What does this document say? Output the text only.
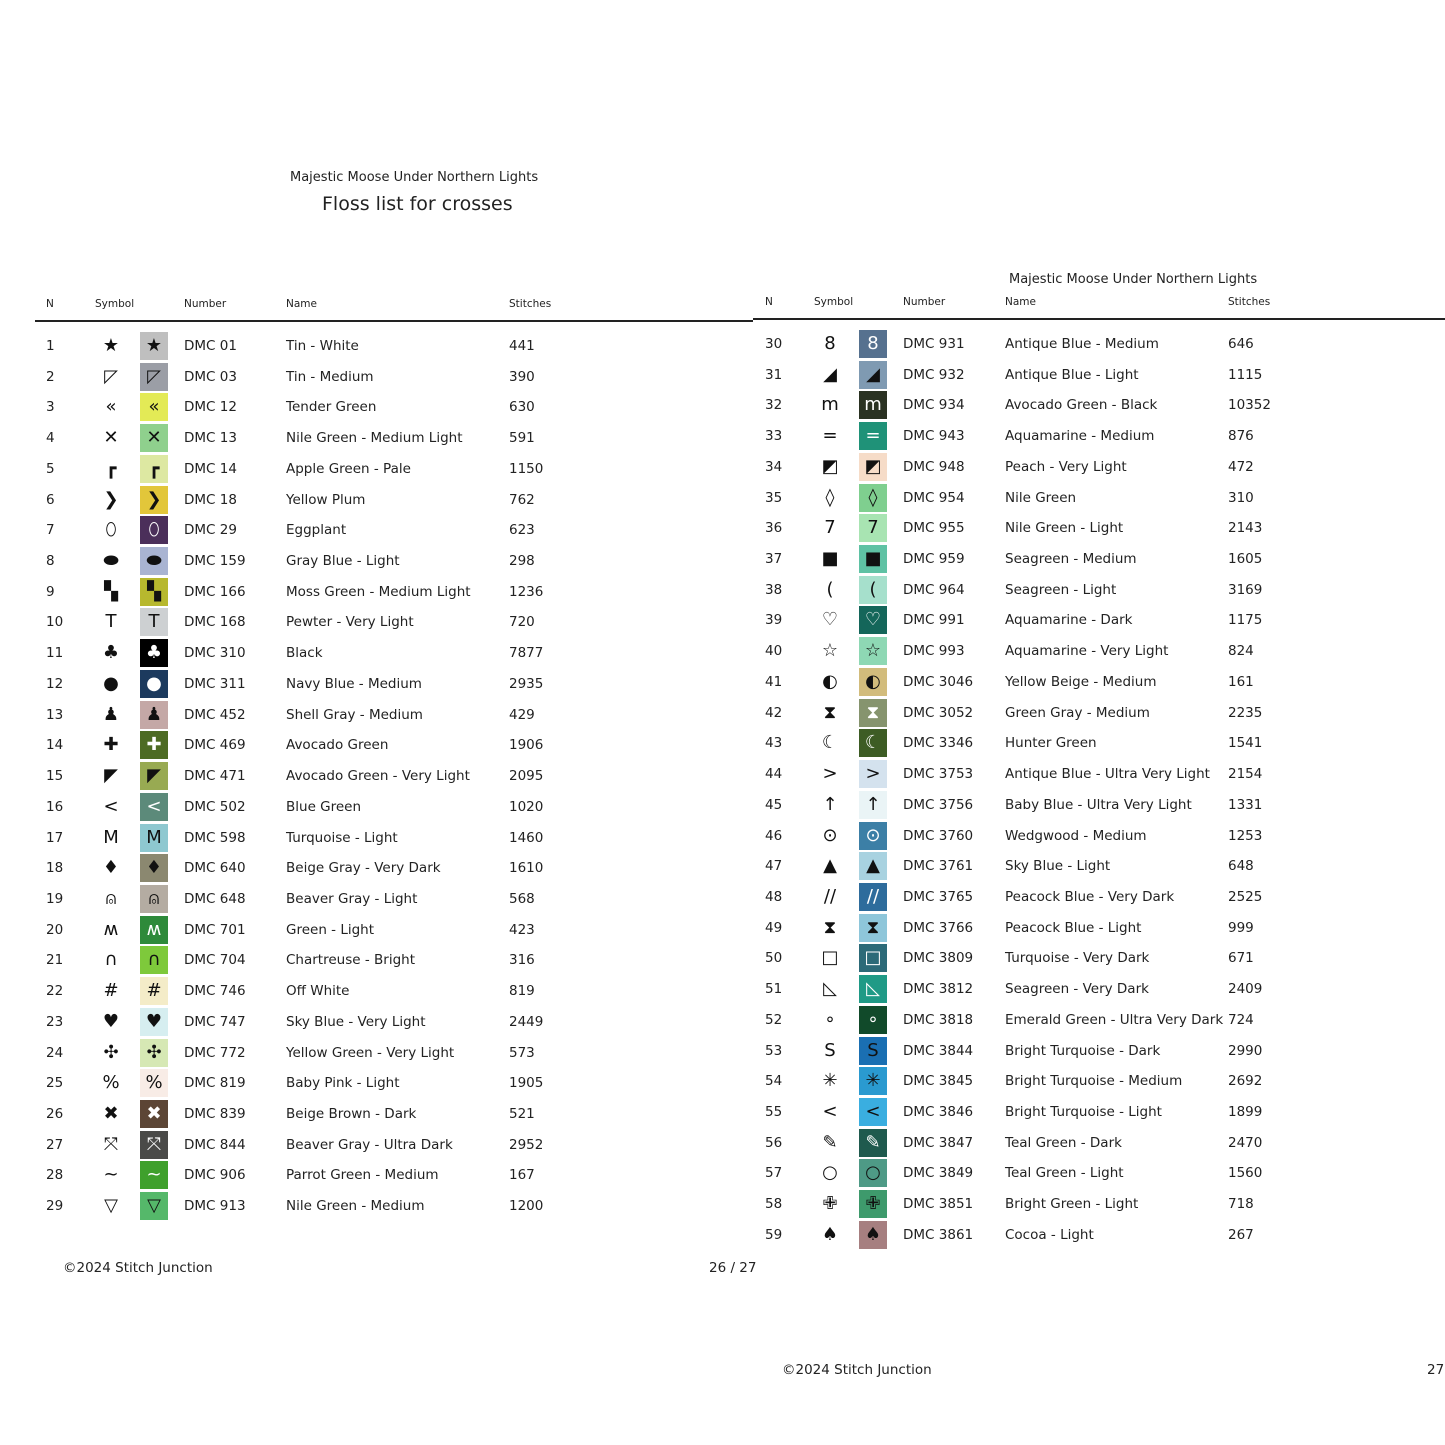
Majestic Moose Under Northern Lights
Floss list for crosses
Majestic Moose Under Northern Lights
N	Symbol	Number	Name	Stitches	N	Symbol	Number	Name	Stitches
1	★	★	DMC 01	Tin - White	441
2	◸	◸	DMC 03	Tin - Medium	390
3	«	«	DMC 12	Tender Green	630
4	✕	✕	DMC 13	Nile Green - Medium Light	591
5	┏	┏	DMC 14	Apple Green - Pale	1150
6	❯	❯	DMC 18	Yellow Plum	762
7	⬯	⬯	DMC 29	Eggplant	623
8	⬬	⬬	DMC 159	Gray Blue - Light	298
9	▚	▚	DMC 166	Moss Green - Medium Light	1236
10	T	T	DMC 168	Pewter - Very Light	720
11 ♣	♣	DMC 310	Black	7877
12 ●	●	DMC 311	Navy Blue - Medium	2935
13 ♟	♟	DMC 452	Shell Gray - Medium	429
14 ✚	✚	DMC 469	Avocado Green	1906
15 ◤	◤	DMC 471	Avocado Green - Very Light	2095
16 <	<	DMC 502	Blue Green	1020
17 M	M	DMC 598	Turquoise - Light	1460
18 ♦	♦	DMC 640	Beige Gray - Very Dark	1610
19	⍝	⍝	DMC 648	Beaver Gray - Light	568
20 ʍ	ʍ	DMC 701	Green - Light	423
21 ∩	∩	DMC 704	Chartreuse - Bright	316
22 #	#	DMC 746	Off White	819
23 ♥	♥	DMC 747	Sky Blue - Very Light	2449
24 ✣	✣	DMC 772	Yellow Green - Very Light	573
25 %	%	DMC 819	Baby Pink - Light	1905
26 ✖	✖	DMC 839	Beige Brown - Dark	521
27 ⤧	⤧	DMC 844	Beaver Gray - Ultra Dark	2952
28 ~	~	DMC 906	Parrot Green - Medium	167
29 ▽	▽	DMC 913	Nile Green - Medium	1200
30 8	8	DMC 931	Antique Blue - Medium	646
31 ◢	◢	DMC 932	Antique Blue - Light	1115
32 m m	DMC 934	Avocado Green - Black	10352
33 =	=	DMC 943	Aquamarine - Medium	876
34 ◩	◩	DMC 948	Peach - Very Light	472
35	◊	◊	DMC 954	Nile Green	310
36 7	7	DMC 955	Nile Green - Light	2143
37 ■	■	DMC 959	Seagreen - Medium	1605
38	(	(	DMC 964	Seagreen - Light	3169
39 ♡	♡	DMC 991	Aquamarine - Dark	1175
40 ☆	☆	DMC 993	Aquamarine - Very Light	824
41 ◐	◐	DMC 3046 Yellow Beige - Medium	161
42 ⧗	⧗	DMC 3052 Green Gray - Medium	2235
43 ☾	☾	DMC 3346 Hunter Green	1541
44 >	>	DMC 3753 Antique Blue - Ultra Very Light 2154
45 ↑	↑	DMC 3756 Baby Blue - Ultra Very Light	1331
46 ⊙	⊙	DMC 3760 Wedgwood - Medium	1253
47 ▲	▲	DMC 3761 Sky Blue - Light	648
48 //	//	DMC 3765 Peacock Blue - Very Dark	2525
49 ⧗	⧗	DMC 3766 Peacock Blue - Light	999
50 □	□	DMC 3809 Turquoise - Very Dark	671
51 ◺	◺	DMC 3812 Seagreen - Very Dark	2409
52 ∘	∘	DMC 3818 Emerald Green - Ultra Very Dark 724
53 S	S	DMC 3844 Bright Turquoise - Dark	2990
54 ✳	✳	DMC 3845 Bright Turquoise - Medium	2692
55 <	<	DMC 3846 Bright Turquoise - Light	1899
56 ✎	✎	DMC 3847 Teal Green - Dark	2470
57 ○	○	DMC 3849 Teal Green - Light	1560
58 ✙	✙	DMC 3851 Bright Green - Light	718
59 ♠	♠	DMC 3861 Cocoa - Light	267
©2024 Stitch Junction	26 / 27
©2024 Stitch Junction	27
